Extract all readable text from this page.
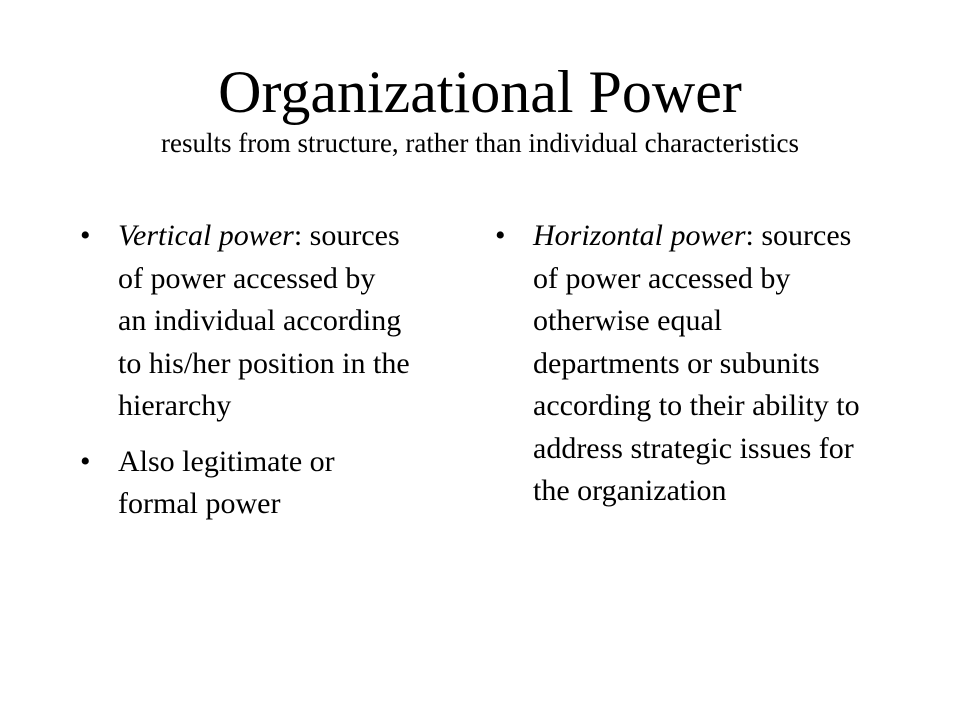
Organizational Power
results from structure, rather than individual characteristics
• Vertical power: sources of power accessed by an individual according to his/her position in the hierarchy
• Also legitimate or formal power
• Horizontal power: sources of power accessed by otherwise equal departments or subunits according to their ability to address strategic issues for the organization
